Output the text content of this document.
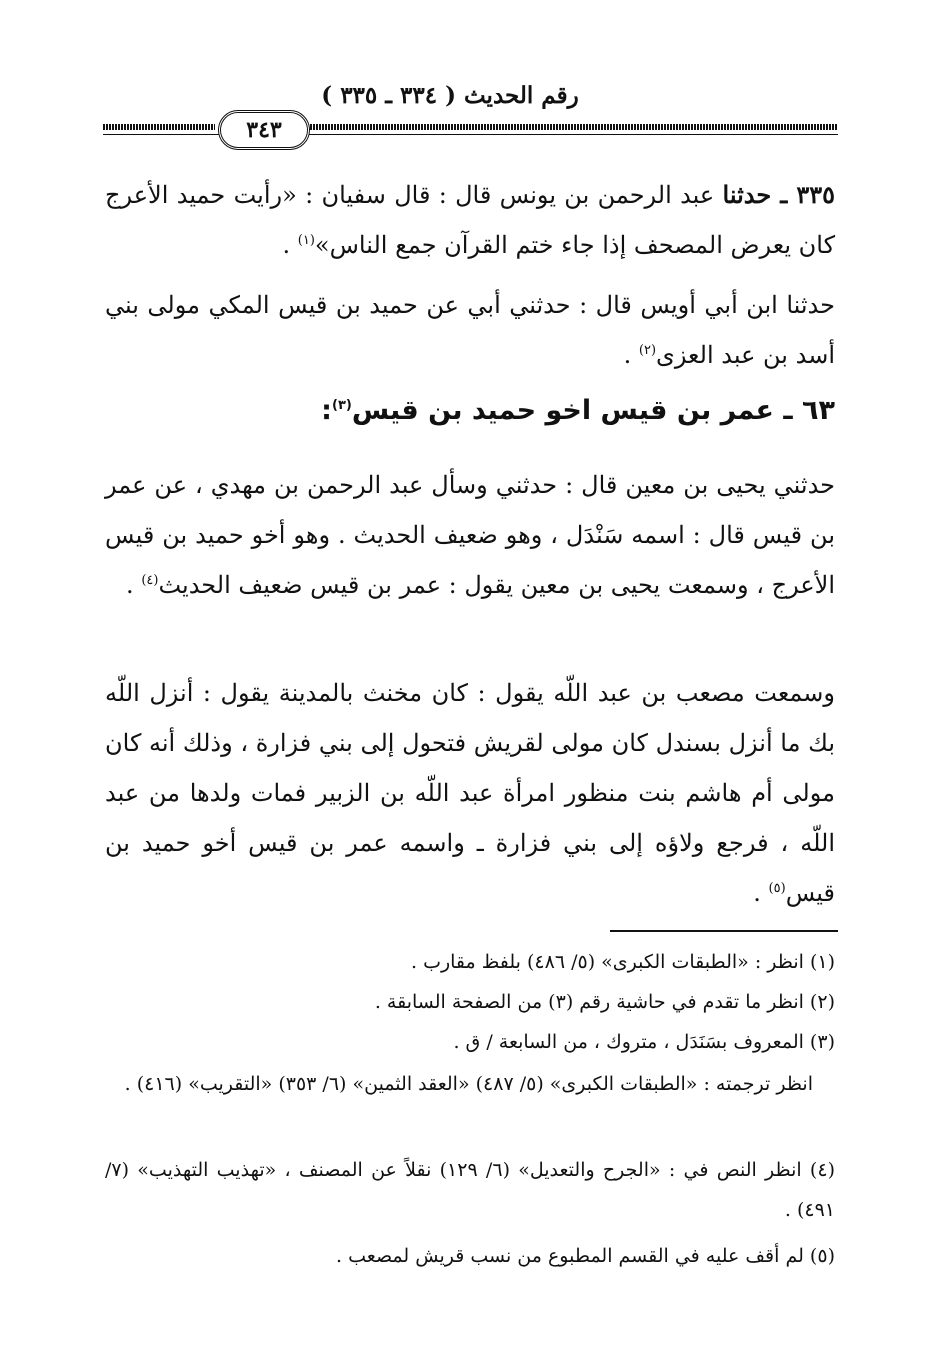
رقم الحديث ( ٣٣٤ ـ ٣٣٥ )
٣٤٣
٣٣٥ ـ حدثنا عبد الرحمن بن يونس قال : قال سفيان : «رأيت حميد الأعرج كان يعرض المصحف إذا جاء ختم القرآن جمع الناس»$^{(١)}$ .
حدثنا ابن أبي أويس قال : حدثني أبي عن حميد بن قيس المكي مولى بني أسد بن عبد العزى$^{(٢)}$ .
٦٣ ـ عمر بن قيس اخو حميد بن قيس$^{(٣)}$:
حدثني يحيى بن معين قال : حدثني وسأل عبد الرحمن بن مهدي ، عن عمر بن قيس قال : اسمه سَنْدَل ، وهو ضعيف الحديث . وهو أخو حميد بن قيس الأعرج ، وسمعت يحيى بن معين يقول : عمر بن قيس ضعيف الحديث$^{(٤)}$ .
وسمعت مصعب بن عبد اللّه يقول : كان مخنث بالمدينة يقول : أنزل اللّه بك ما أنزل بسندل كان مولى لقريش فتحول إلى بني فزارة ، وذلك أنه كان مولى أم هاشم بنت منظور امرأة عبد اللّه بن الزبير فمات ولدها من عبد اللّه ، فرجع ولاؤه إلى بني فزارة ـ واسمه عمر بن قيس أخو حميد بن قيس$^{(٥)}$ .
(١) انظر : «الطبقات الكبرى» (٥/ ٤٨٦) بلفظ مقارب .
(٢) انظر ما تقدم في حاشية رقم (٣) من الصفحة السابقة .
(٣) المعروف بسَنَدَل ، متروك ، من السابعة / ق .
انظر ترجمته : «الطبقات الكبرى» (٥/ ٤٨٧) «العقد الثمين» (٦/ ٣٥٣) «التقريب» (٤١٦) .
(٤) انظر النص في : «الجرح والتعديل» (٦/ ١٢٩) نقلاً عن المصنف ، «تهذيب التهذيب» (٧/ ٤٩١) .
(٥) لم أقف عليه في القسم المطبوع من نسب قريش لمصعب .
